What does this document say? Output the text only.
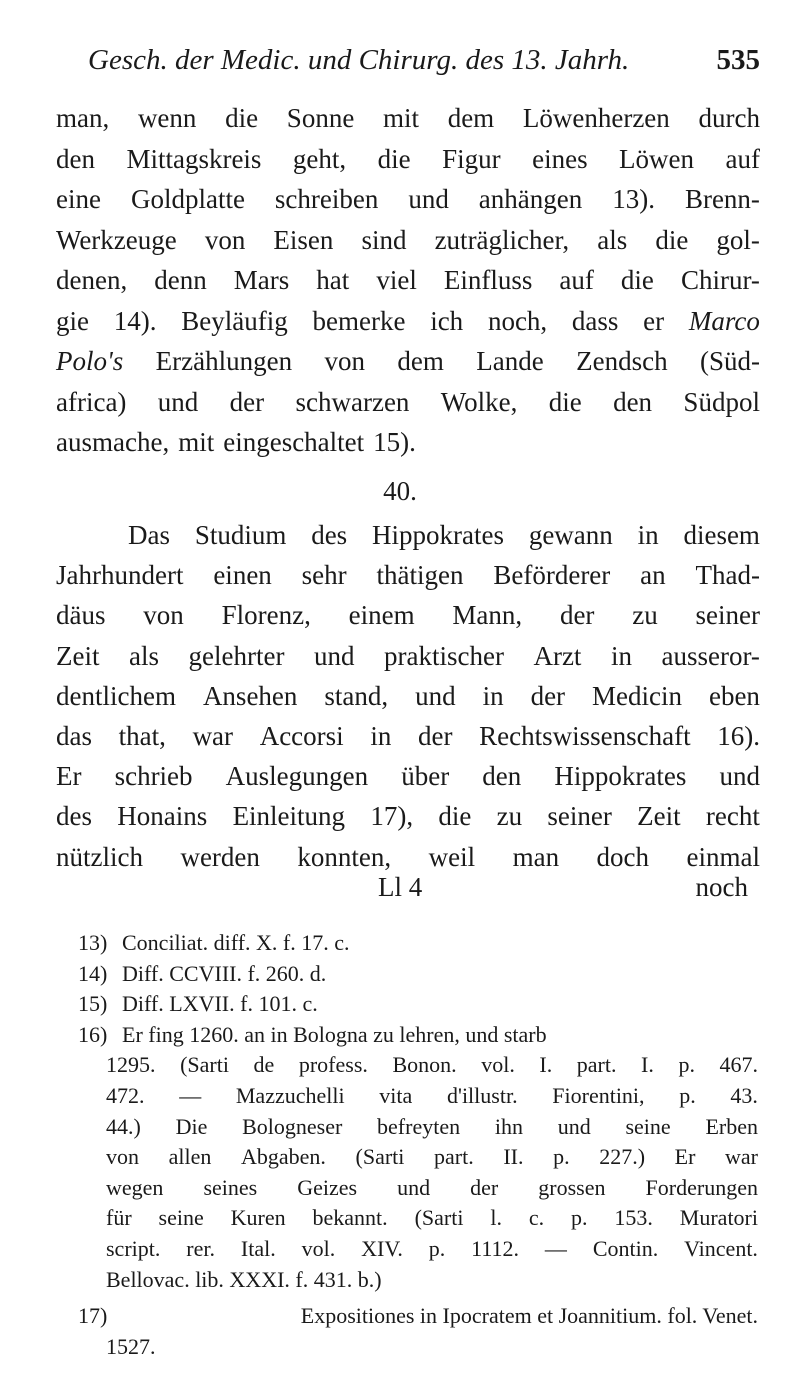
Gesch. der Medic. und Chirurg. des 13. Jahrh.	535
man, wenn die Sonne mit dem Löwenherzen durch
den Mittagskreis geht, die Figur eines Löwen auf
eine Goldplatte schreiben und anhängen 13). Brenn-
Werkzeuge von Eisen sind zuträglicher, als die gol-
denen, denn Mars hat viel Einfluss auf die Chirur-
gie 14). Beyläufig bemerke ich noch, dass er Marco
Polo's Erzählungen von dem Lande Zendsch (Süd-
africa) und der schwarzen Wolke, die den Südpol
ausmache, mit eingeschaltet 15).
40.
Das Studium des Hippokrates gewann in diesem
Jahrhundert einen sehr thätigen Beförderer an Thad-
däus von Florenz, einem Mann, der zu seiner
Zeit als gelehrter und praktischer Arzt in ausseror-
dentlichem Ansehen stand, und in der Medicin eben
das that, war Accorsi in der Rechtswissenschaft 16).
Er schrieb Auslegungen über den Hippokrates und
des Honains Einleitung 17), die zu seiner Zeit recht
nützlich werden konnten, weil man doch einmal
Ll 4	noch
13) Conciliat. diff. X. f. 17. c.
14) Diff. CCVIII. f. 260. d.
15) Diff. LXVII. f. 101. c.
16) Er fing 1260. an in Bologna zu lehren, und starb
1295. (Sarti de profess. Bonon. vol. I. part. I. p. 467.
472. — Mazzuchelli vita d'illustr. Fiorentini, p. 43.
44.) Die Bologneser befreyten ihn und seine Erben
von allen Abgaben. (Sarti part. II. p. 227.) Er war
wegen seines Geizes und der grossen Forderungen
für seine Kuren bekannt. (Sarti l. c. p. 153. Muratori
script. rer. Ital. vol. XIV. p. 1112. — Contin. Vincent.
Bellovac. lib. XXXI. f. 431. b.)
17)	Expositiones in Ipocratem et Joannitium. fol. Venet.
1527.
